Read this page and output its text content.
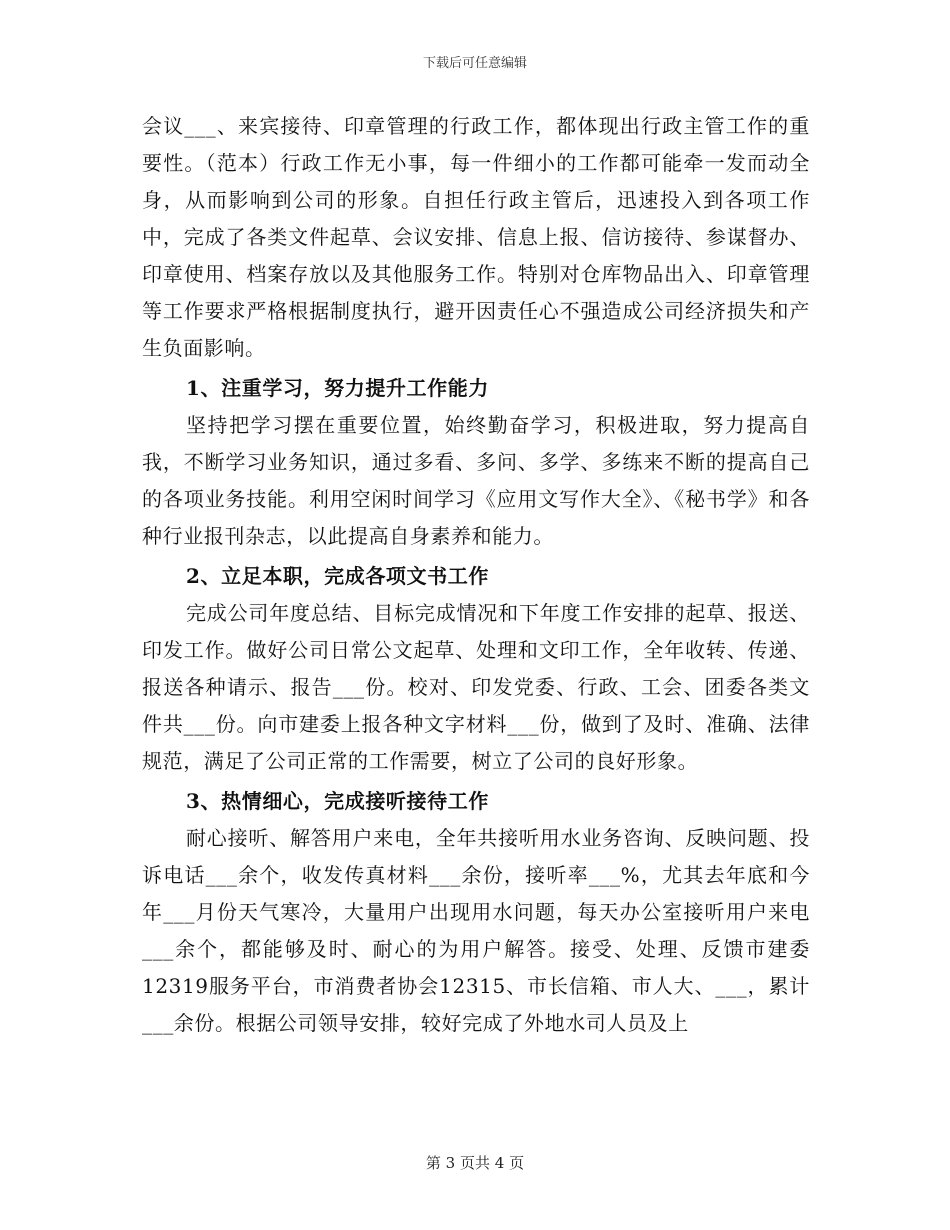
下载后可任意编辑

会议___、来宾接待、印章管理的行政工作，都体现出行政主管工作的重要性。（范本）行政工作无小事，每一件细小的工作都可能牵一发而动全身，从而影响到公司的形象。自担任行政主管后，迅速投入到各项工作中，完成了各类文件起草、会议安排、信息上报、信访接待、参谋督办、印章使用、档案存放以及其他服务工作。特别对仓库物品出入、印章管理等工作要求严格根据制度执行，避开因责任心不强造成公司经济损失和产生负面影响。

1、注重学习，努力提升工作能力

坚持把学习摆在重要位置，始终勤奋学习，积极进取，努力提高自我，不断学习业务知识，通过多看、多问、多学、多练来不断的提高自己的各项业务技能。利用空闲时间学习《应用文写作大全》、《秘书学》和各种行业报刊杂志，以此提高自身素养和能力。

2、立足本职，完成各项文书工作

完成公司年度总结、目标完成情况和下年度工作安排的起草、报送、印发工作。做好公司日常公文起草、处理和文印工作，全年收转、传递、报送各种请示、报告___份。校对、印发党委、行政、工会、团委各类文件共___份。向市建委上报各种文字材料___份，做到了及时、准确、法律规范，满足了公司正常的工作需要，树立了公司的良好形象。

3、热情细心，完成接听接待工作

耐心接听、解答用户来电，全年共接听用水业务咨询、反映问题、投诉电话___余个，收发传真材料___余份，接听率___%，尤其去年底和今年___月份天气寒冷，大量用户出现用水问题，每天办公室接听用户来电___余个，都能够及时、耐心的为用户解答。接受、处理、反馈市建委12319服务平台，市消费者协会12315、市长信箱、市人大、___，累计___余份。根据公司领导安排，较好完成了外地水司人员及上

第 3 页共 4 页
